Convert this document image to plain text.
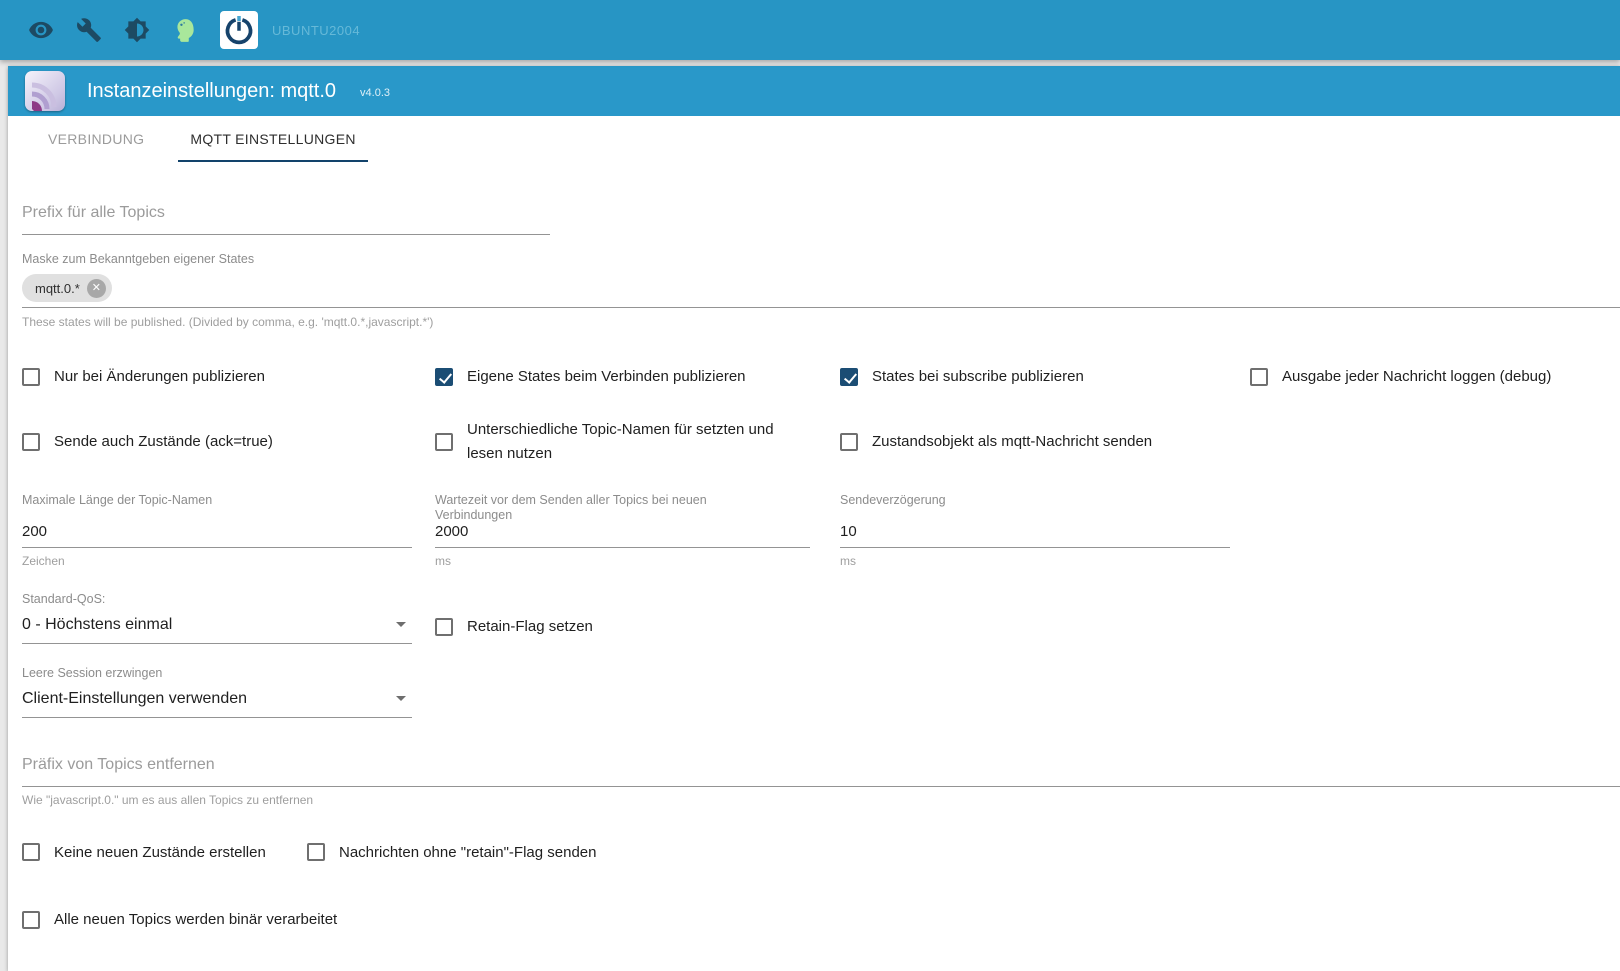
UBUNTU2004
Instanzeinstellungen: mqtt.0 v4.0.3
VERBINDUNG	MQTT EINSTELLUNGEN
Prefix für alle Topics
Maske zum Bekanntgeben eigener States
mqtt.0.*	✕
These states will be published. (Divided by comma, e.g. 'mqtt.0.*,javascript.*')
Nur bei Änderungen publizieren	Eigene States beim Verbinden publizieren	States bei subscribe publizieren	Ausgabe jeder Nachricht loggen (debug)
Sende auch Zustände (ack=true)
Unterschiedliche Topic-Namen für setzten und lesen nutzen
Zustandsobjekt als mqtt-Nachricht senden
Maximale Länge der Topic-Namen
200
Zeichen
Wartezeit vor dem Senden aller Topics bei neuen Verbindungen
2000
ms
Sendeverzögerung
10
ms
Standard-QoS:
0 - Höchstens einmal	Retain-Flag setzen
Leere Session erzwingen
Client-Einstellungen verwenden
Präfix von Topics entfernen
Wie "javascript.0." um es aus allen Topics zu entfernen
Keine neuen Zustände erstellen	Nachrichten ohne "retain"-Flag senden
Alle neuen Topics werden binär verarbeitet
